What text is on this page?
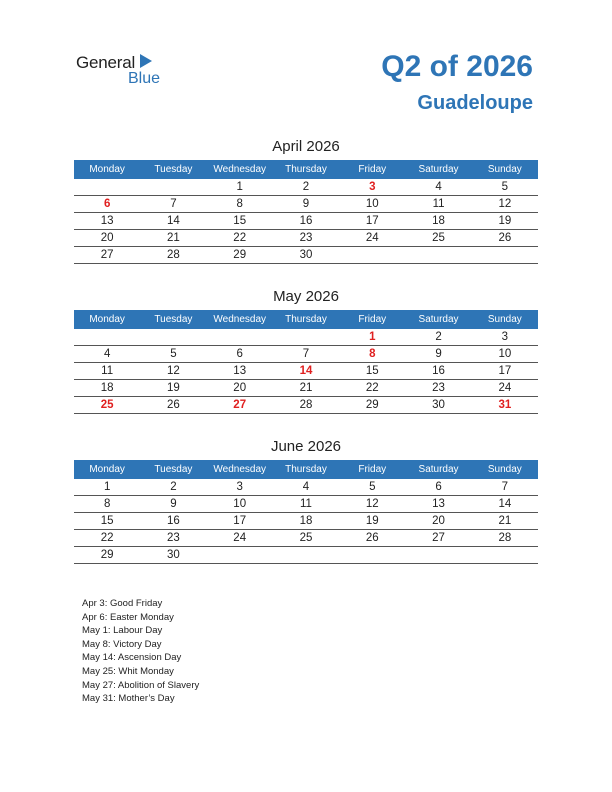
General
Blue	Q2 of 2026
Guadeloupe
April 2026
Monday	Tuesday	Wednesday	Thursday	Friday	Saturday	Sunday
		1	2	3	4	5
6	7	8	9	10	11	12
13	14	15	16	17	18	19
20	21	22	23	24	25	26
27	28	29	30			
May 2026
Monday	Tuesday	Wednesday	Thursday	Friday	Saturday	Sunday
				1	2	3
4	5	6	7	8	9	10
11	12	13	14	15	16	17
18	19	20	21	22	23	24
25	26	27	28	29	30	31
June 2026
Monday	Tuesday	Wednesday	Thursday	Friday	Saturday	Sunday
1	2	3	4	5	6	7
8	9	10	11	12	13	14
15	16	17	18	19	20	21
22	23	24	25	26	27	28
29	30					
Apr 3: Good Friday
Apr 6: Easter Monday
May 1: Labour Day
May 8: Victory Day
May 14: Ascension Day
May 25: Whit Monday
May 27: Abolition of Slavery
May 31: Mother’s Day
